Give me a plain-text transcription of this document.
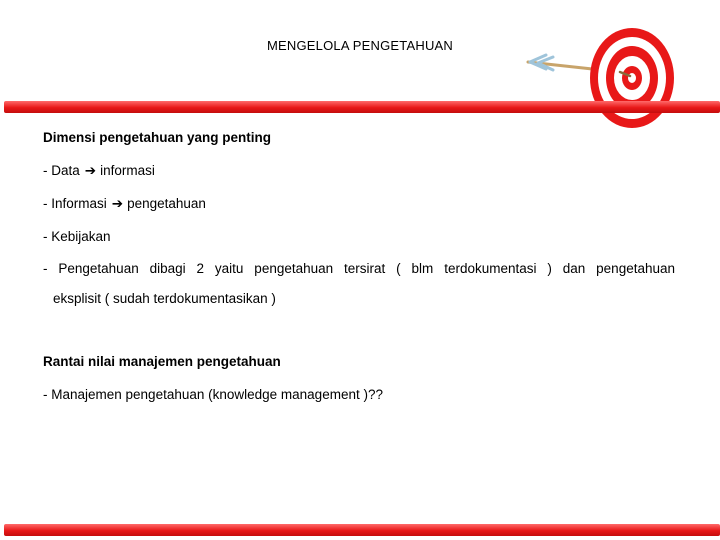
MENGELOLA PENGETAHUAN
Dimensi pengetahuan yang penting
- Data ➔ informasi
- Informasi ➔ pengetahuan
- Kebijakan
- Pengetahuan dibagi 2 yaitu pengetahuan tersirat ( blm terdokumentasi ) dan pengetahuan
eksplisit ( sudah terdokumentasikan )
Rantai nilai manajemen pengetahuan
- Manajemen pengetahuan (knowledge management )??
